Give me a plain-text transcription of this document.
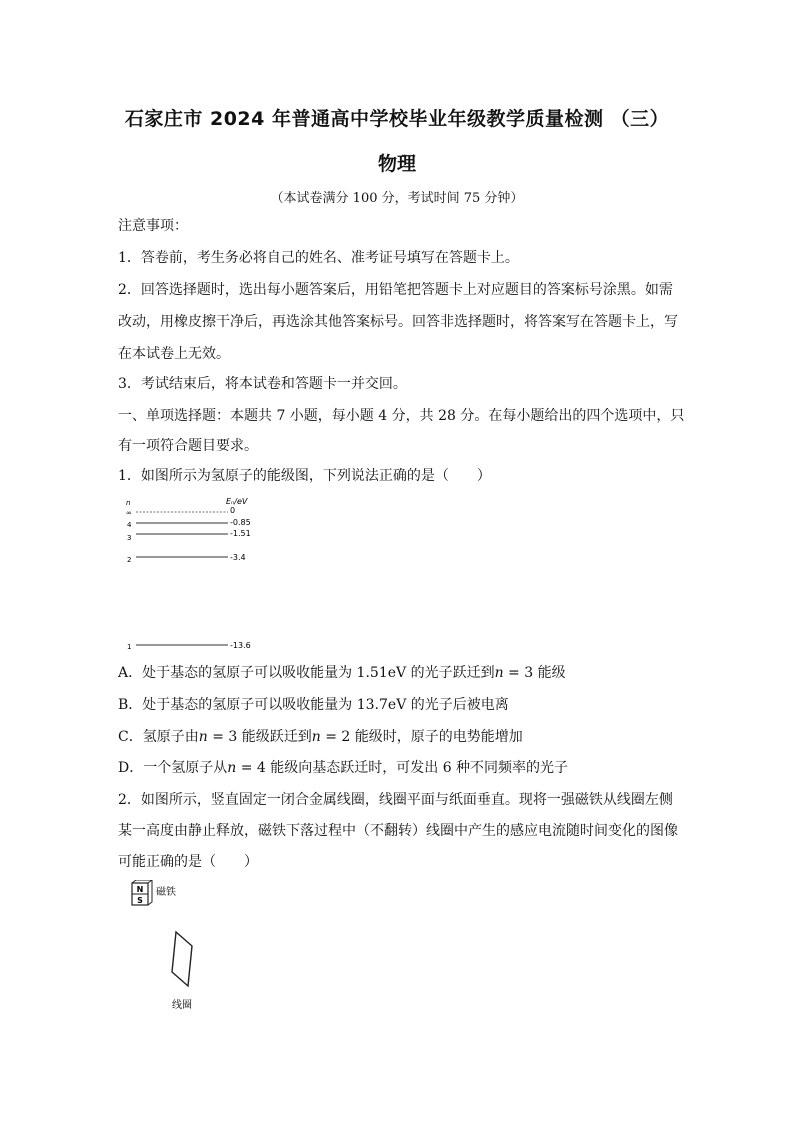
石家庄市 2024 年普通高中学校毕业年级教学质量检测 （三）
物理
（本试卷满分 100 分，考试时间 75 分钟）
注意事项：
1．答卷前，考生务必将自己的姓名、准考证号填写在答题卡上。
2．回答选择题时，选出每小题答案后，用铅笔把答题卡上对应题目的答案标号涂黑。如需
改动，用橡皮擦干净后，再选涂其他答案标号。回答非选择题时，将答案写在答题卡上，写
在本试卷上无效。
3．考试结束后，将本试卷和答题卡一并交回。
一、单项选择题：本题共 7 小题，每小题 4 分，共 28 分。在每小题给出的四个选项中，只
有一项符合题目要求。
1．如图所示为氢原子的能级图，下列说法正确的是（　　）
n	Eₙ/eV
∞	0
4	-0.85
3	-1.51
2	-3.4
1	-13.6
A．处于基态的氢原子可以吸收能量为 1.51eV 的光子跃迁到n = 3 能级
B．处于基态的氢原子可以吸收能量为 13.7eV 的光子后被电离
C．氢原子由n = 3 能级跃迁到n = 2 能级时，原子的电势能增加
D．一个氢原子从n = 4 能级向基态跃迁时，可发出 6 种不同频率的光子
2．如图所示，竖直固定一闭合金属线圈，线圈平面与纸面垂直。现将一强磁铁从线圈左侧
某一高度由静止释放，磁铁下落过程中（不翻转）线圈中产生的感应电流随时间变化的图像
可能正确的是（　　）
N
S
磁铁
线圈
